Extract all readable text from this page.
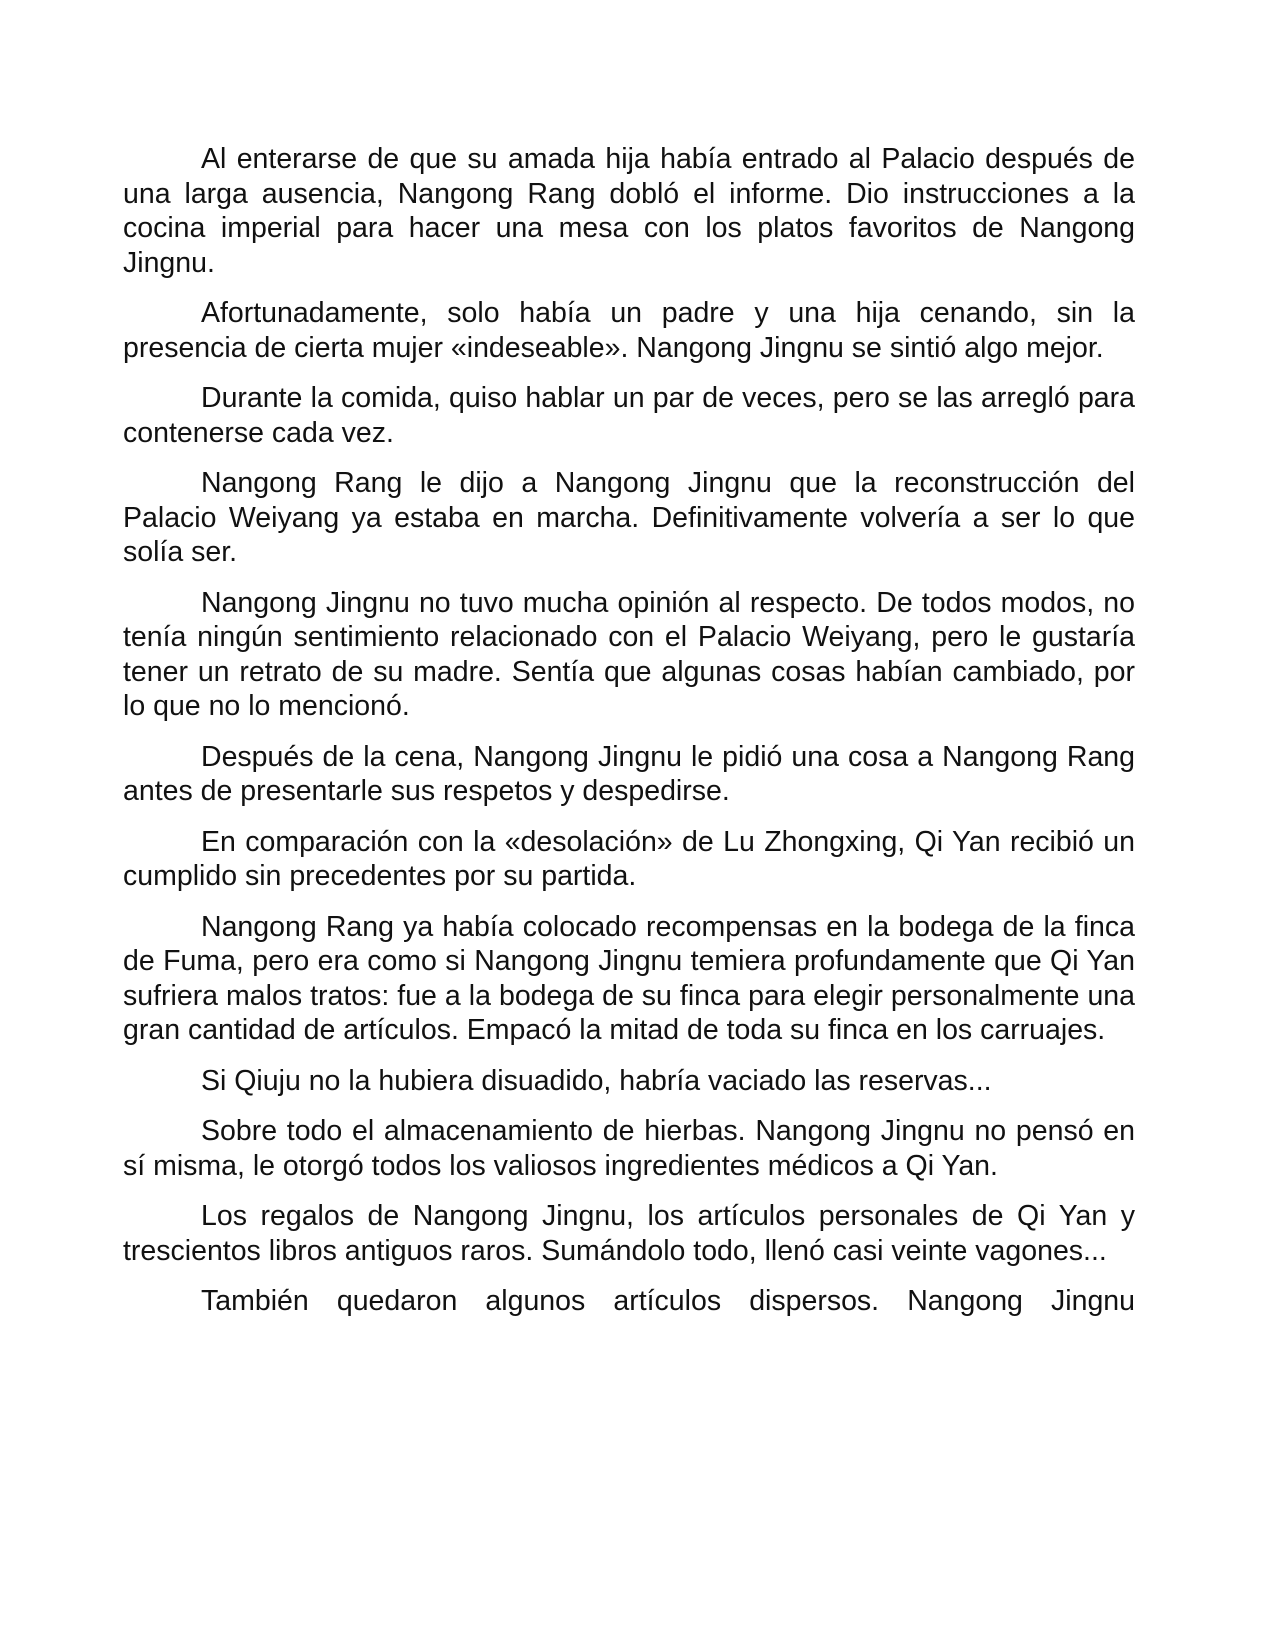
Al enterarse de que su amada hija había entrado al Palacio después de una larga ausencia, Nangong Rang dobló el informe. Dio instrucciones a la cocina imperial para hacer una mesa con los platos favoritos de Nangong Jingnu.

Afortunadamente, solo había un padre y una hija cenando, sin la presencia de cierta mujer «indeseable». Nangong Jingnu se sintió algo mejor.

Durante la comida, quiso hablar un par de veces, pero se las arregló para contenerse cada vez.

Nangong Rang le dijo a Nangong Jingnu que la reconstrucción del Palacio Weiyang ya estaba en marcha. Definitivamente volvería a ser lo que solía ser.

Nangong Jingnu no tuvo mucha opinión al respecto. De todos modos, no tenía ningún sentimiento relacionado con el Palacio Weiyang, pero le gustaría tener un retrato de su madre. Sentía que algunas cosas habían cambiado, por lo que no lo mencionó.

Después de la cena, Nangong Jingnu le pidió una cosa a Nangong Rang antes de presentarle sus respetos y despedirse.

En comparación con la «desolación» de Lu Zhongxing, Qi Yan recibió un cumplido sin precedentes por su partida.

Nangong Rang ya había colocado recompensas en la bodega de la finca de Fuma, pero era como si Nangong Jingnu temiera profundamente que Qi Yan sufriera malos tratos: fue a la bodega de su finca para elegir personalmente una gran cantidad de artículos. Empacó la mitad de toda su finca en los carruajes.

Si Qiuju no la hubiera disuadido, habría vaciado las reservas...

Sobre todo el almacenamiento de hierbas. Nangong Jingnu no pensó en sí misma, le otorgó todos los valiosos ingredientes médicos a Qi Yan.

Los regalos de Nangong Jingnu, los artículos personales de Qi Yan y trescientos libros antiguos raros. Sumándolo todo, llenó casi veinte vagones...

También quedaron algunos artículos dispersos. Nangong Jingnu
